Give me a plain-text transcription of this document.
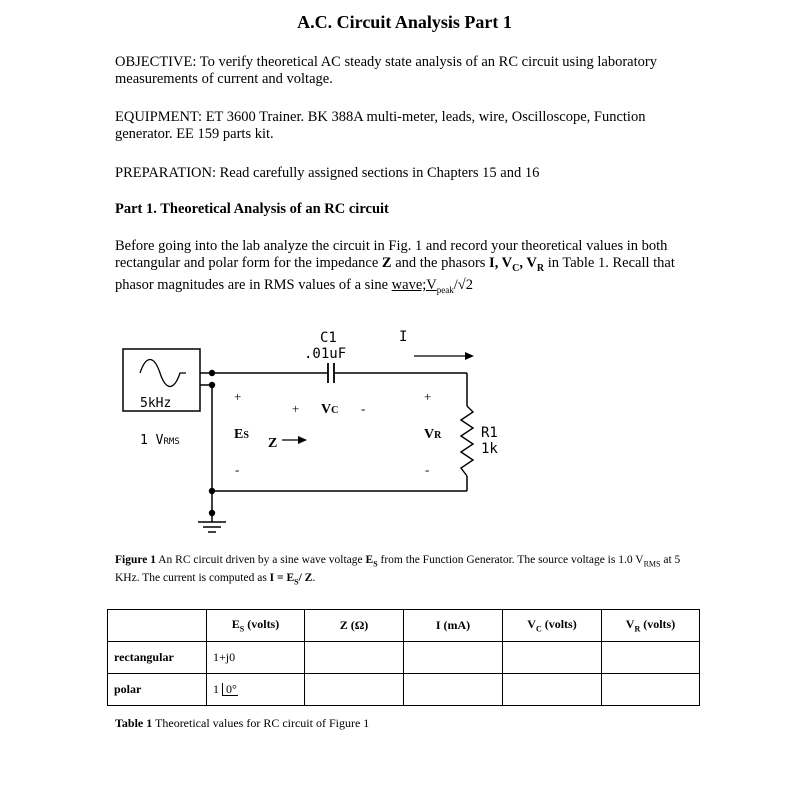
A.C. Circuit Analysis Part 1
OBJECTIVE: To verify theoretical AC steady state analysis of an RC circuit using laboratory measurements of current and voltage.
EQUIPMENT: ET 3600 Trainer. BK 388A multi-meter, leads, wire, Oscilloscope, Function generator. EE 159 parts kit.
PREPARATION: Read carefully assigned sections in Chapters 15 and 16
Part 1. Theoretical Analysis of an RC circuit
Before going into the lab analyze the circuit in Fig. 1 and record your theoretical values in both rectangular and polar form for the impedance Z and the phasors I, $V_C$, $V_R$ in Table 1. Recall that phasor magnitudes are in RMS values of a sine $wave;V_{peak}/√2$
C1
.01uF
I
5kHz
1 VRMS
+
ES
-
Z
+ VC -
+
VR
-
R1
1k
Figure 1 An RC circuit driven by a sine wave voltage $E_S$ from the Function Generator. The source voltage is 1.0 $V_{RMS}$ at 5 KHz. The current is computed as $I = E_S/$ Z.
	$E_S$ (volts)	Z (Ω)	I (mA)	$V_C$ (volts)	$V_R$ (volts)
rectangular	1+j0				
polar	1 0°				
Table 1 Theoretical values for RC circuit of Figure 1
